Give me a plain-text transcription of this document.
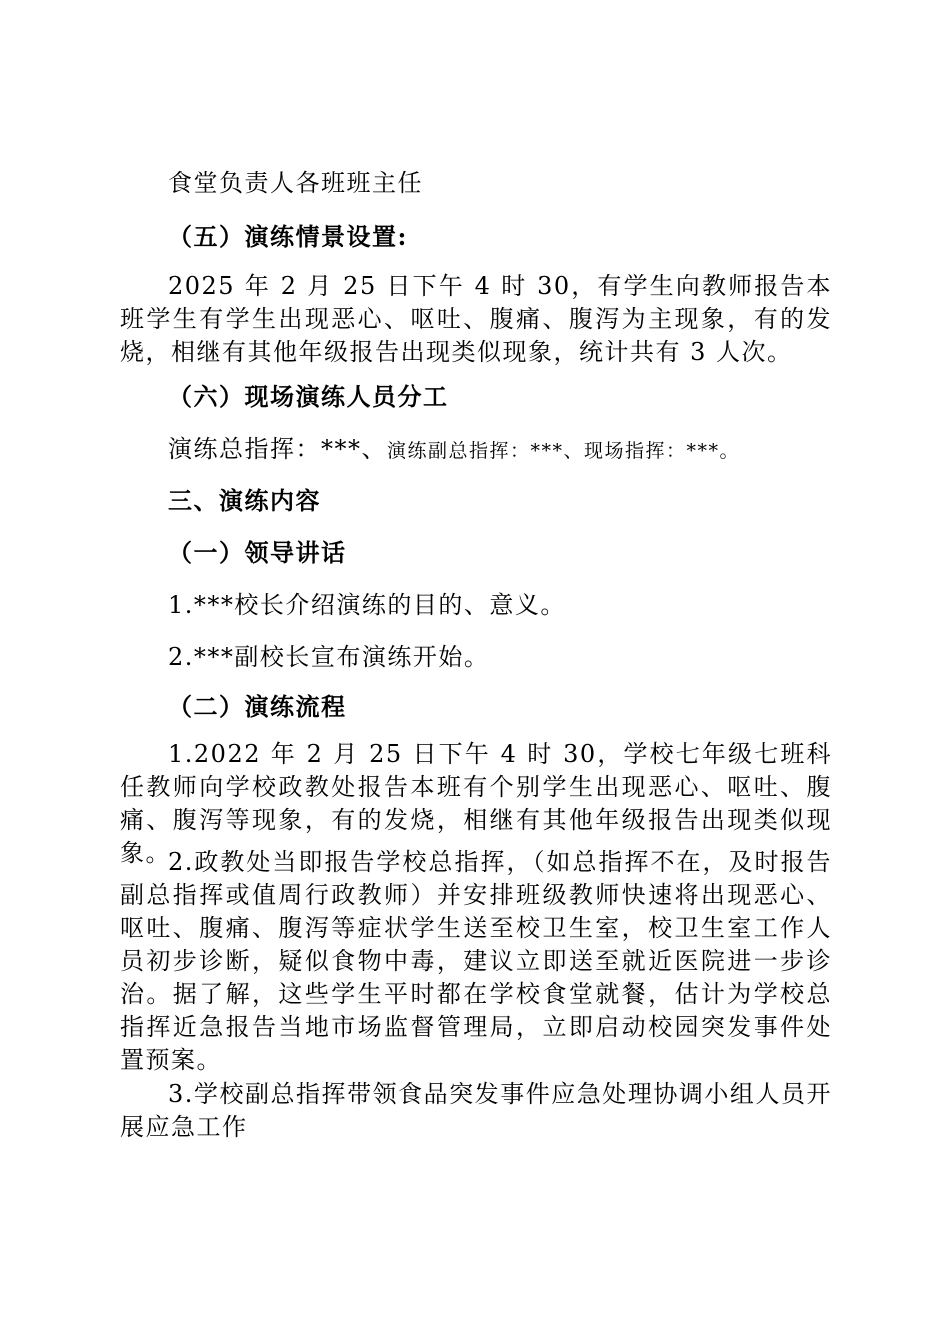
食堂负责人各班班主任
（五）演练情景设置:
2025 年 2 月 25 日下午 4 时 30，有学生向教师报告本班学生有学生出现恶心、呕吐、腹痛、腹泻为主现象，有的发烧，相继有其他年级报告出现类似现象，统计共有 3 人次。
（六）现场演练人员分工
演练总指挥：***、演练副总指挥：***、现场指挥：***。
三、演练内容
（一）领导讲话
1.***校长介绍演练的目的、意义。
2.***副校长宣布演练开始。
（二）演练流程
1.2022 年 2 月 25 日下午 4 时 30，学校七年级七班科任教师向学校政教处报告本班有个别学生出现恶心、呕吐、腹痛、腹泻等现象，有的发烧，相继有其他年级报告出现类似现象。
2.政教处当即报告学校总指挥，（如总指挥不在，及时报告副总指挥或值周行政教师）并安排班级教师快速将出现恶心、呕吐、腹痛、腹泻等症状学生送至校卫生室，校卫生室工作人员初步诊断，疑似食物中毒，建议立即送至就近医院进一步诊治。据了解，这些学生平时都在学校食堂就餐，估计为学校总指挥近急报告当地市场监督管理局，立即启动校园突发事件处置预案。
3.学校副总指挥带领食品突发事件应急处理协调小组人员开展应急工作
